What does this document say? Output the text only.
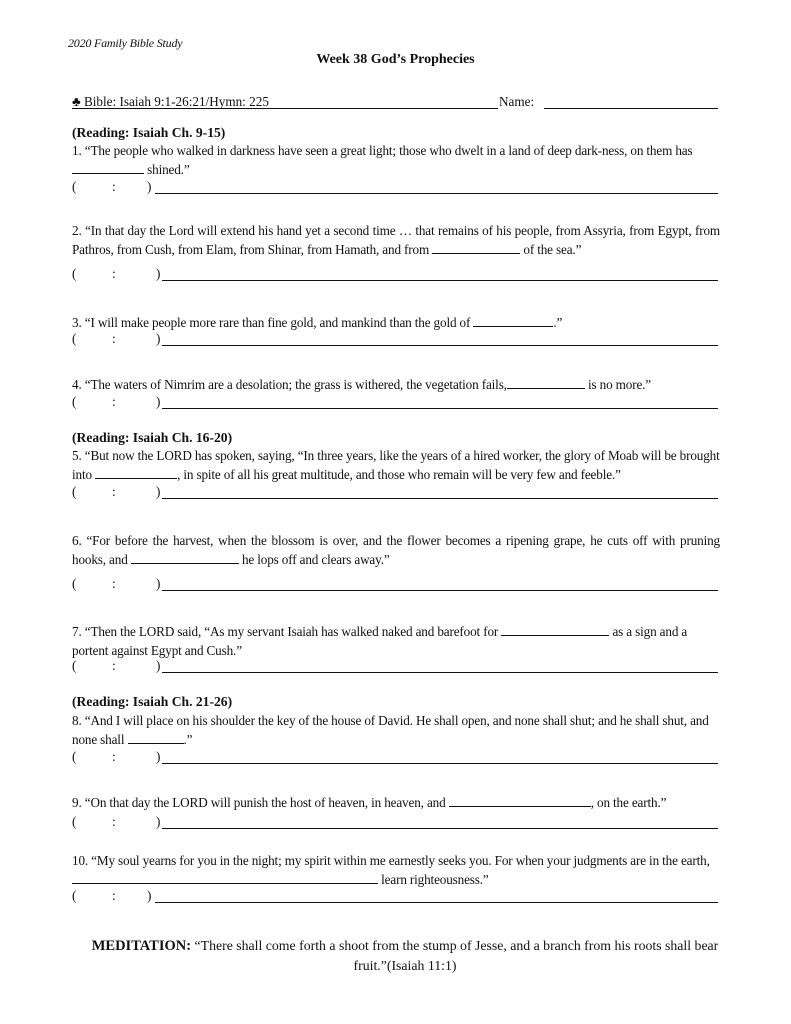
2020 Family Bible Study
Week 38 God’s Prophecies
♣ Bible: Isaiah 9:1-26:21/Hymn: 225	Name:
(Reading: Isaiah Ch. 9-15)
1. “The people who walked in darkness have seen a great light; those who dwelt in a land of deep dark-ness, on them has  shined.”
(	: )
2. “In that day the Lord will extend his hand yet a second time … that remains of his people, from Assyria, from Egypt, from Pathros, from Cush, from Elam, from Shinar, from Hamath, and from	of the sea.”
(	:	)
3. “I will make people more rare than fine gold, and mankind than the gold of	.”
(	:	)
4. “The waters of Nimrim are a desolation; the grass is withered, the vegetation fails,	is no more.”
(	:	)
(Reading: Isaiah Ch. 16-20)
5. “But now the LORD has spoken, saying, “In three years, like the years of a hired worker, the glory of Moab will be brought into	, in spite of all his great multitude, and those who remain will be very few and feeble.”
(	:	)
6. “For before the harvest, when the blossom is over, and the flower becomes a ripening grape, he cuts off with pruning hooks, and	he lops off and clears away.”
(	:	)
7. “Then the LORD said, “As my servant Isaiah has walked naked and barefoot for	as a sign and a portent against Egypt and Cush.”
(	:	)
(Reading: Isaiah Ch. 21-26)
8. “And I will place on his shoulder the key of the house of David. He shall open, and none shall shut; and he shall shut, and none shall	.”
(	:	)
9. “On that day the LORD will punish the host of heaven, in heaven, and	, on the earth.”
(	:	)
10. “My soul yearns for you in the night; my spirit within me earnestly seeks you. For when your judgments are in the earth, learn righteousness.”
(	: )
MEDITATION: “There shall come forth a shoot from the stump of Jesse, and a branch from his roots shall bear fruit.”(Isaiah 11:1)
